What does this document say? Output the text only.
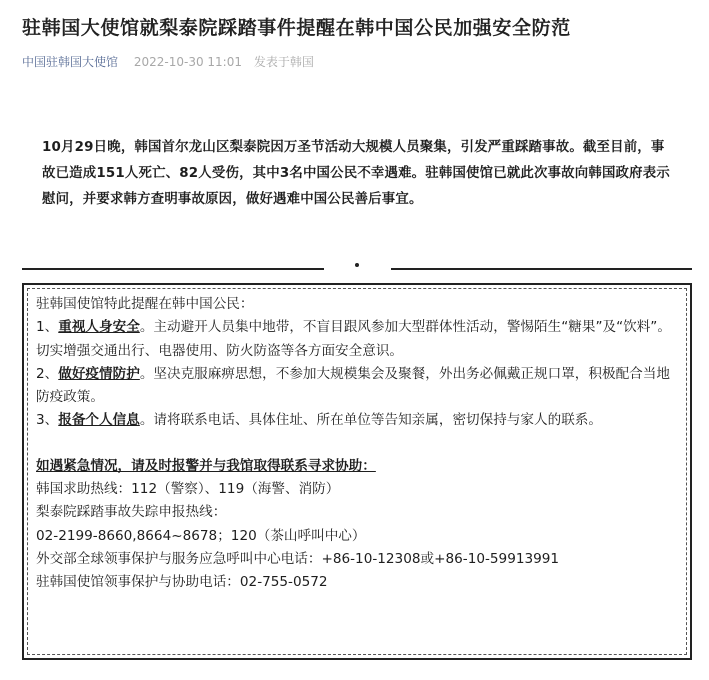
驻韩国大使馆就梨泰院踩踏事件提醒在韩中国公民加强安全防范
中国驻韩国大使馆 2022-10-30 11:01 发表于韩国
10月29日晚，韩国首尔龙山区梨泰院因万圣节活动大规模人员聚集，引发严重踩踏事故。截至目前，事故已造成151人死亡、82人受伤，其中3名中国公民不幸遇难。驻韩国使馆已就此次事故向韩国政府表示慰问，并要求韩方查明事故原因，做好遇难中国公民善后事宜。

驻韩国使馆特此提醒在韩中国公民：

1、重视人身安全。主动避开人员集中地带，不盲目跟风参加大型群体性活动，警惕陌生“糖果”及“饮料”。切实增强交通出行、电器使用、防火防盗等各方面安全意识。

2、做好疫情防护。坚决克服麻痹思想，不参加大规模集会及聚餐，外出务必佩戴正规口罩，积极配合当地防疫政策。

3、报备个人信息。请将联系电话、具体住址、所在单位等告知亲属，密切保持与家人的联系。

如遇紧急情况，请及时报警并与我馆取得联系寻求协助：

韩国求助热线：112（警察）、119（海警、消防）

梨泰院踩踏事故失踪申报热线：

02-2199-8660,8664~8678；120（茶山呼叫中心）

外交部全球领事保护与服务应急呼叫中心电话：+86-10-12308或+86-10-59913991

驻韩国使馆领事保护与协助电话：02-755-0572
